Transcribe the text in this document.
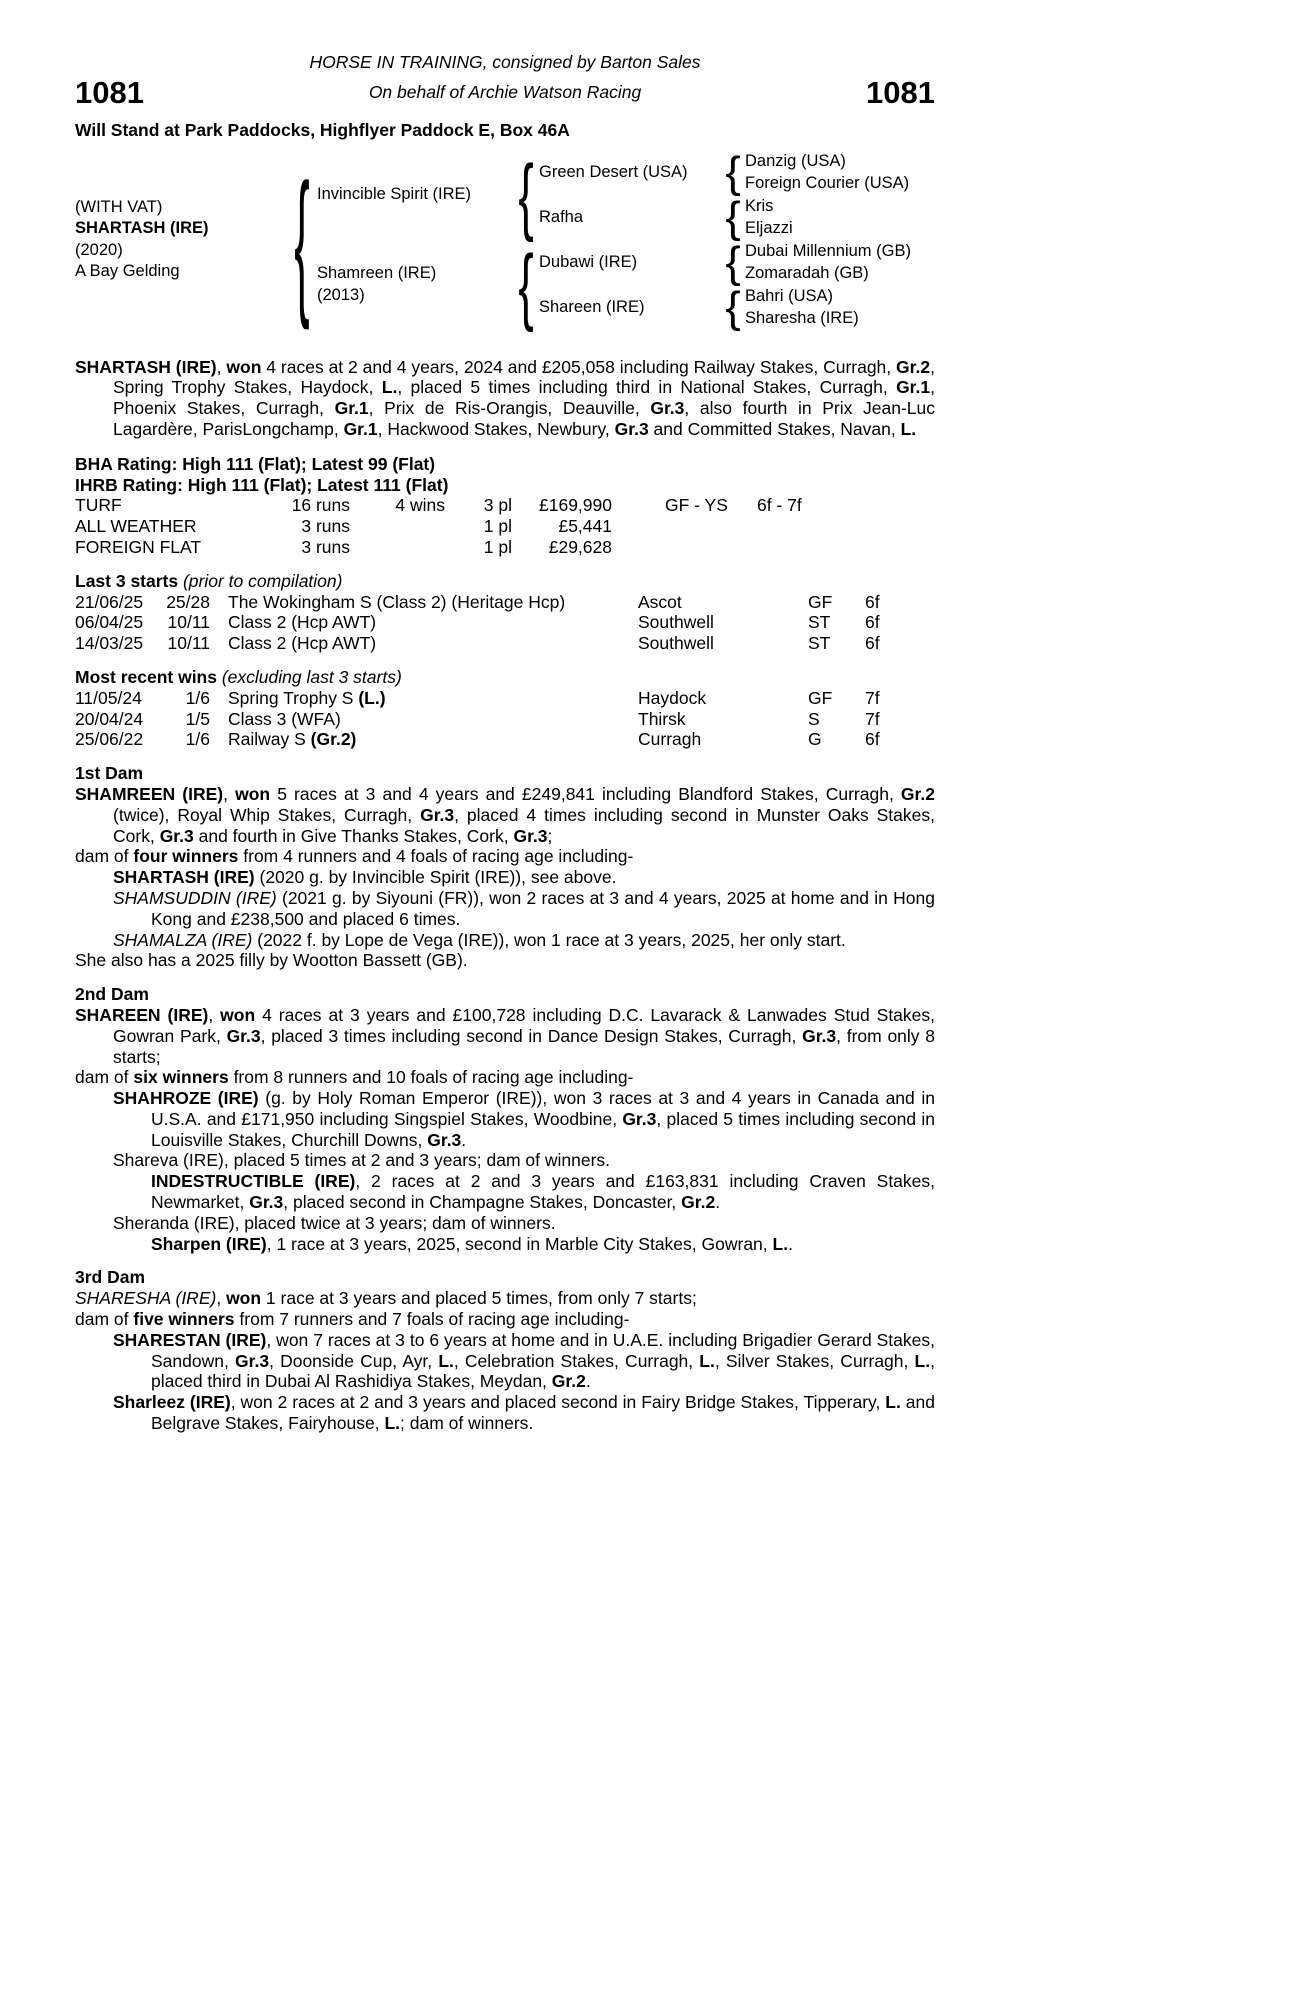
HORSE IN TRAINING, consigned by Barton Sales
1081	On behalf of Archie Watson Racing	1081
Will Stand at Park Paddocks, Highflyer Paddock E, Box 46A
(WITH VAT)
SHARTASH (IRE)
(2020)
A Bay Gelding	{ Invincible Spirit (IRE)	{ Green Desert (USA) { Danzig (USA)
Foreign Courier (USA)
Rafha	{ Kris
Eljazzi
Shamreen (IRE)
(2013)	{ Dubawi (IRE)	{ Dubai Millennium (GB)
Zomaradah (GB)
Shareen (IRE)	{ Bahri (USA)
Sharesha (IRE)

SHARTASH (IRE), won 4 races at 2 and 4 years, 2024 and £205,058 including Railway Stakes, Curragh, Gr.2, Spring Trophy Stakes, Haydock, L., placed 5 times including third in National Stakes, Curragh, Gr.1, Phoenix Stakes, Curragh, Gr.1, Prix de Ris-Orangis, Deauville, Gr.3, also fourth in Prix Jean-Luc Lagardère, ParisLongchamp, Gr.1, Hackwood Stakes, Newbury, Gr.3 and Committed Stakes, Navan, L.

BHA Rating: High 111 (Flat); Latest 99 (Flat)

IHRB Rating: High 111 (Flat); Latest 111 (Flat)

TURF	16 runs	4 wins	3 pl	£169,990	GF - YS	6f - 7f
ALL WEATHER	3 runs	1 pl	£5,441
FOREIGN FLAT	3 runs	1 pl	£29,628

Last 3 starts (prior to compilation)

21/06/25	25/28	The Wokingham S (Class 2) (Heritage Hcp)	Ascot	GF	6f
06/04/25	10/11	Class 2 (Hcp AWT)	Southwell	ST	6f
14/03/25	10/11	Class 2 (Hcp AWT)	Southwell	ST	6f

Most recent wins (excluding last 3 starts)

11/05/24	1/6	Spring Trophy S (L.)	Haydock	GF	7f
20/04/24	1/5	Class 3 (WFA)	Thirsk	S	7f
25/06/22	1/6	Railway S (Gr.2)	Curragh	G	6f

1st Dam

SHAMREEN (IRE), won 5 races at 3 and 4 years and £249,841 including Blandford Stakes, Curragh, Gr.2 (twice), Royal Whip Stakes, Curragh, Gr.3, placed 4 times including second in Munster Oaks Stakes, Cork, Gr.3 and fourth in Give Thanks Stakes, Cork, Gr.3;

dam of four winners from 4 runners and 4 foals of racing age including-

SHARTASH (IRE) (2020 g. by Invincible Spirit (IRE)), see above.

SHAMSUDDIN (IRE) (2021 g. by Siyouni (FR)), won 2 races at 3 and 4 years, 2025 at home and in Hong Kong and £238,500 and placed 6 times.

SHAMALZA (IRE) (2022 f. by Lope de Vega (IRE)), won 1 race at 3 years, 2025, her only start.

She also has a 2025 filly by Wootton Bassett (GB).

2nd Dam

SHAREEN (IRE), won 4 races at 3 years and £100,728 including D.C. Lavarack & Lanwades Stud Stakes, Gowran Park, Gr.3, placed 3 times including second in Dance Design Stakes, Curragh, Gr.3, from only 8 starts;

dam of six winners from 8 runners and 10 foals of racing age including-

SHAHROZE (IRE) (g. by Holy Roman Emperor (IRE)), won 3 races at 3 and 4 years in Canada and in U.S.A. and £171,950 including Singspiel Stakes, Woodbine, Gr.3, placed 5 times including second in Louisville Stakes, Churchill Downs, Gr.3.

Shareva (IRE), placed 5 times at 2 and 3 years; dam of winners.

INDESTRUCTIBLE (IRE), 2 races at 2 and 3 years and £163,831 including Craven Stakes, Newmarket, Gr.3, placed second in Champagne Stakes, Doncaster, Gr.2.

Sheranda (IRE), placed twice at 3 years; dam of winners.

Sharpen (IRE), 1 race at 3 years, 2025, second in Marble City Stakes, Gowran, L..

3rd Dam

SHARESHA (IRE), won 1 race at 3 years and placed 5 times, from only 7 starts;

dam of five winners from 7 runners and 7 foals of racing age including-

SHARESTAN (IRE), won 7 races at 3 to 6 years at home and in U.A.E. including Brigadier Gerard Stakes, Sandown, Gr.3, Doonside Cup, Ayr, L., Celebration Stakes, Curragh, L., Silver Stakes, Curragh, L., placed third in Dubai Al Rashidiya Stakes, Meydan, Gr.2.

Sharleez (IRE), won 2 races at 2 and 3 years and placed second in Fairy Bridge Stakes, Tipperary, L. and Belgrave Stakes, Fairyhouse, L.; dam of winners.
